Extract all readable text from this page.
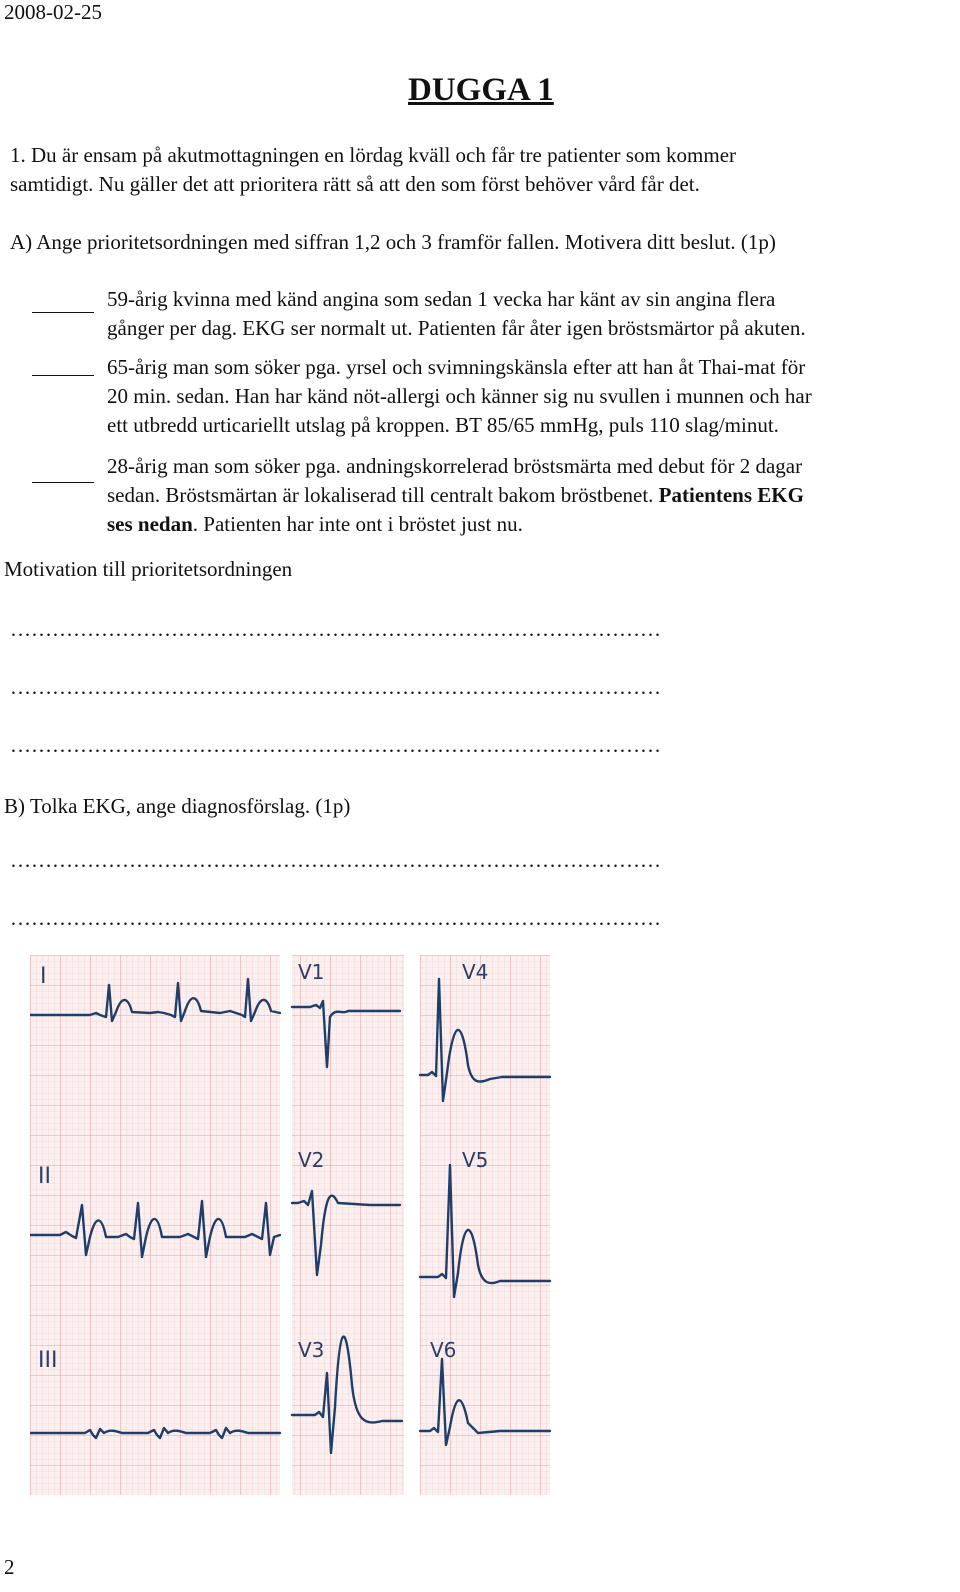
2008-02-25
DUGGA 1
1. Du är ensam på akutmottagningen en lördag kväll och får tre patienter som kommer
samtidigt. Nu gäller det att prioritera rätt så att den som först behöver vård får det.
A) Ange prioritetsordningen med siffran 1,2 och 3 framför fallen. Motivera ditt beslut. (1p)
59-årig kvinna med känd angina som sedan 1 vecka har känt av sin angina flera
gånger per dag. EKG ser normalt ut. Patienten får åter igen bröstsmärtor på akuten.
65-årig man som söker pga. yrsel och svimningskänsla efter att han åt Thai-mat för
20 min. sedan. Han har känd nöt-allergi och känner sig nu svullen i munnen och har
ett utbredd urticariellt utslag på kroppen. BT 85/65 mmHg, puls 110 slag/minut.
28-årig man som söker pga. andningskorrelerad bröstsmärta med debut för 2 dagar
sedan. Bröstsmärtan är lokaliserad till centralt bakom bröstbenet. Patientens EKG
ses nedan. Patienten har inte ont i bröstet just nu.
Motivation till prioritetsordningen
…………………………………………………………………………………
…………………………………………………………………………………
…………………………………………………………………………………
B) Tolka EKG, ange diagnosförslag. (1p)
…………………………………………………………………………………
…………………………………………………………………………………
I
II
III
V1
V2
V3
V4
V5
V6
2
